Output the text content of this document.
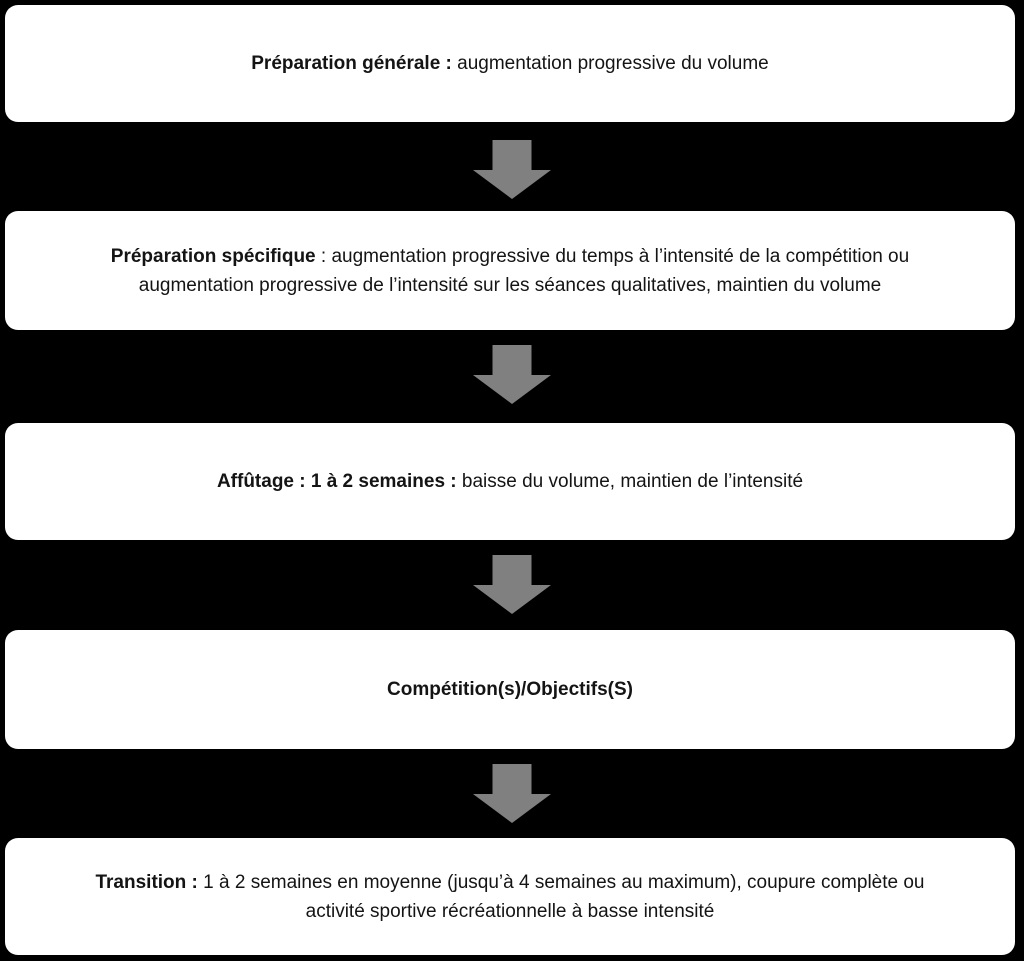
Préparation générale : augmentation progressive du volume

Préparation spécifique : augmentation progressive du temps à l’intensité de la compétition ou
augmentation progressive de l’intensité sur les séances qualitatives, maintien du volume

Affûtage : 1 à 2 semaines : baisse du volume, maintien de l’intensité

Compétition(s)/Objectifs(S)

Transition : 1 à 2 semaines en moyenne (jusqu’à 4 semaines au maximum), coupure complète ou
activité sportive récréationnelle à basse intensité
